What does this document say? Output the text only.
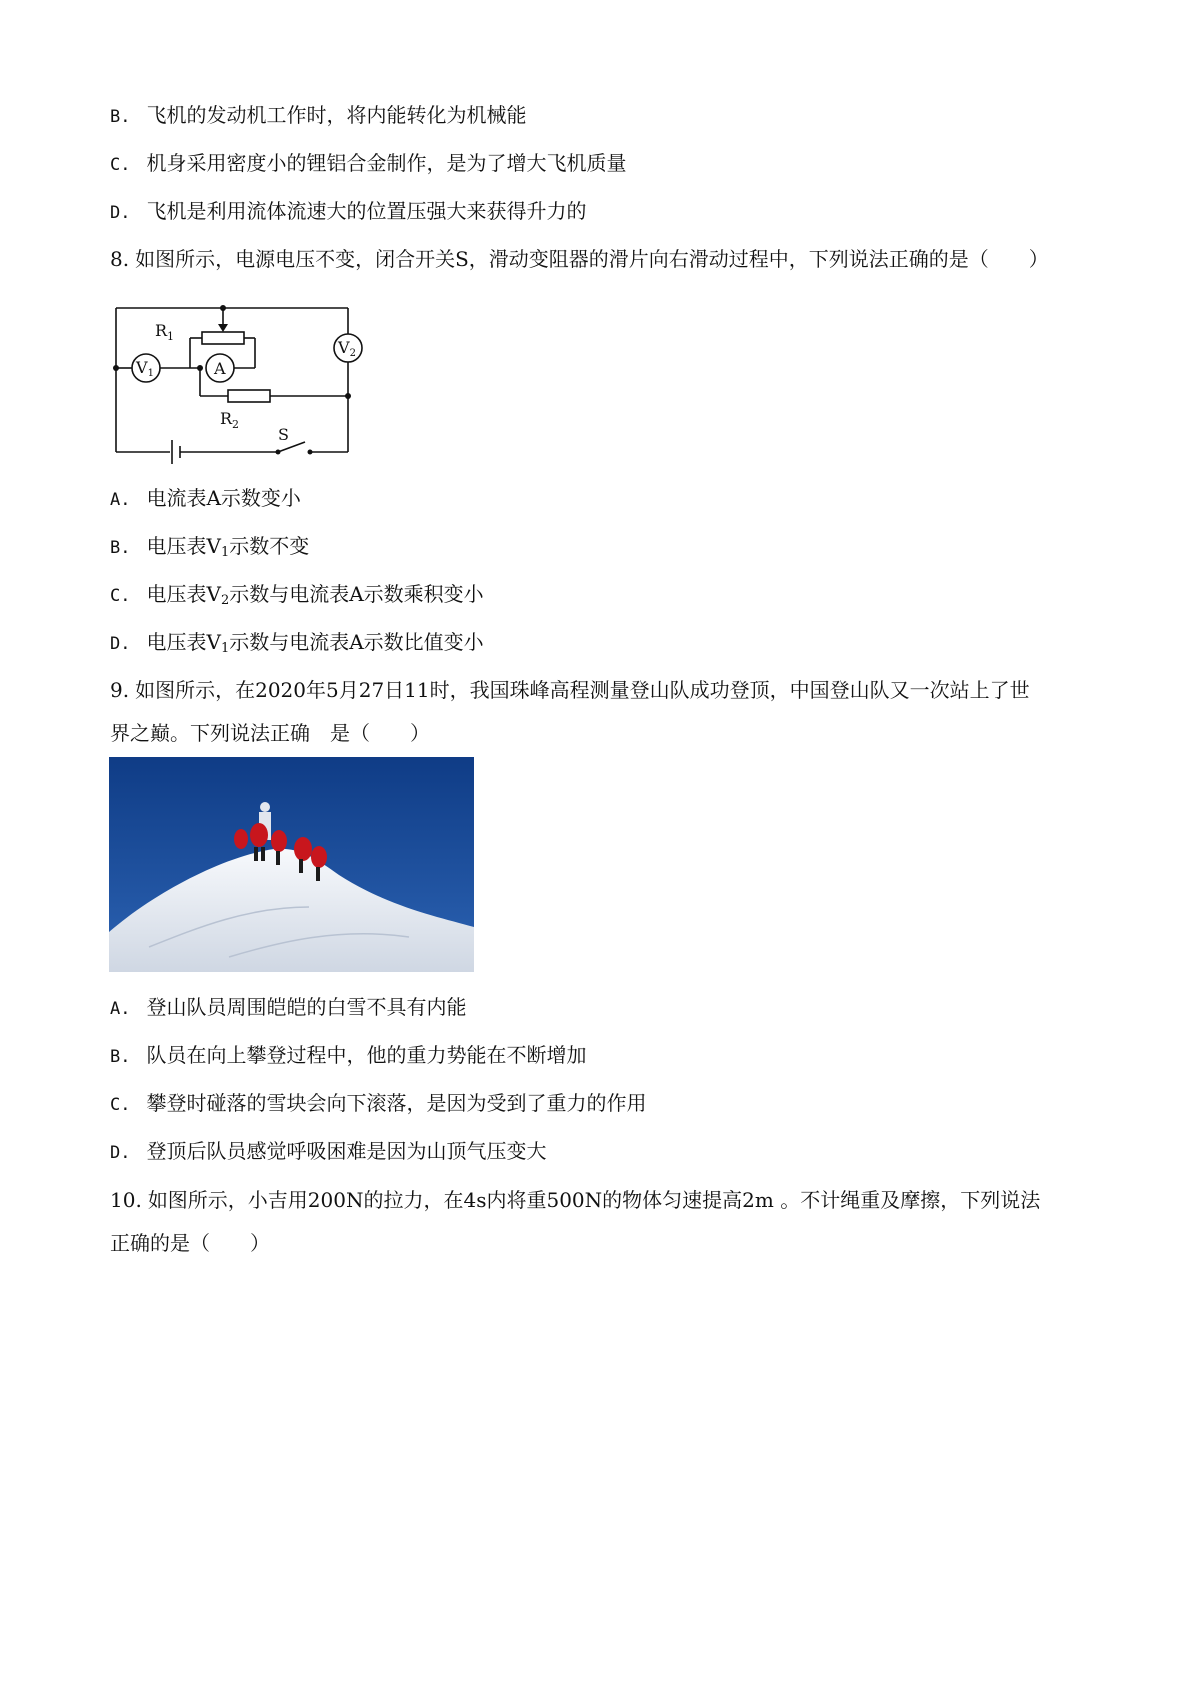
B. 飞机的发动机工作时，将内能转化为机械能
C. 机身采用密度小的锂铝合金制作，是为了增大飞机质量
D. 飞机是利用流体流速大的位置压强大来获得升力的
8. 如图所示，电源电压不变，闭合开关S，滑动变阻器的滑片向右滑动过程中，下列说法正确的是（　　）
$R_1$
$R_2$
V1
V2
A
S
A. 电流表A示数变小
B. 电压表$V_1$示数不变
C. 电压表$V_2$示数与电流表A示数乘积变小
D. 电压表$V_1$示数与电流表A示数比值变小
9. 如图所示，在2020年5月27日11时，我国珠峰高程测量登山队成功登顶，中国登山队又一次站上了世
界之巅。下列说法正确　是（　　）
A. 登山队员周围皑皑的白雪不具有内能
B. 队员在向上攀登过程中，他的重力势能在不断增加
C. 攀登时碰落的雪块会向下滚落，是因为受到了重力的作用
D. 登顶后队员感觉呼吸困难是因为山顶气压变大
10. 如图所示，小吉用200N的拉力，在4s内将重500N的物体匀速提高2m 。不计绳重及摩擦，下列说法
正确的是（　　）
